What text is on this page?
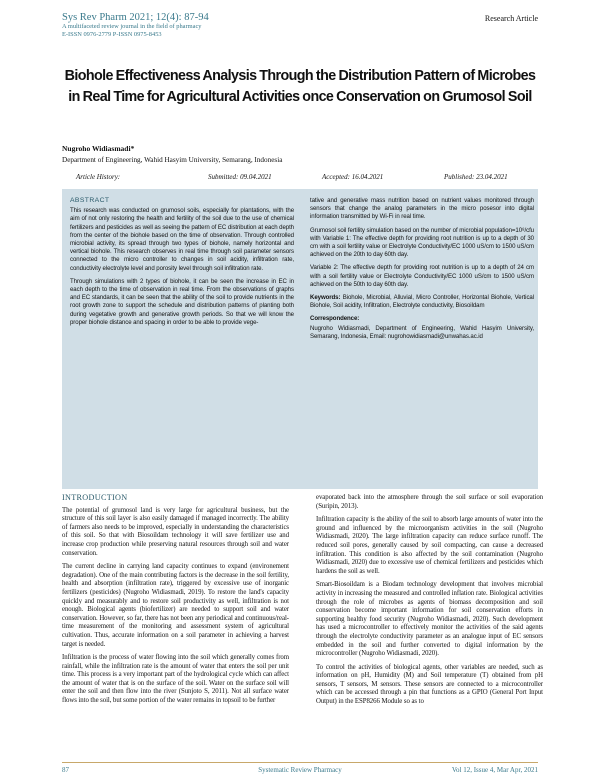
Sys Rev Pharm 2021; 12(4): 87-94
A multifaceted review journal in the field of pharmacy
E-ISSN 0976-2779 P-ISSN 0975-8453
Research Article
Biohole Effectiveness Analysis Through the Distribution Pattern of Microbes in Real Time for Agricultural Activities once Conservation on Grumosol Soil
Nugroho Widiasmadi*
Department of Engineering, Wahid Hasyim University, Semarang, Indonesia
Article History:	Submitted: 09.04.2021	Accepted: 16.04.2021	Published: 23.04.2021
ABSTRACT

This research was conducted on grumosol soils, especially for plantations, with the aim of not only restoring the health and fertility of the soil due to the use of chemical fertilizers and pesticides as well as seeing the pattern of EC distribution at each depth from the center of the biohole based on the time of observation. Through controlled microbial activity, its spread through two types of biohole, namely horizontal and vertical biohole. This research observes in real time through soil parameter sensors connected to the micro controller to changes in soil acidity, infiltration rate, conductivity electrolyte level and porosity level through soil infiltration rate.

Through simulations with 2 types of biohole, it can be seen the increase in EC in each depth to the time of observation in real time. From the observations of graphs and EC standards, it can be seen that the ability of the soil to provide nutrients in the root growth zone to support the schedule and distribution patterns of planting both during vegetative growth and generative growth periods. So that we will know the proper biohole distance and spacing in order to be able to provide vege-

tative and generative mass nutrition based on nutrient values monitored through sensors that change the analog parameters in the micro posesor into digital information transmitted by Wi-Fi in real time.

Grumosol soil fertility simulation based on the number of microbial population=10⁸/cfu with Variable 1: The effective depth for providing root nutrition is up to a depth of 30 cm with a soil fertility value or Electrolyte Conductivity/EC 1000 uS/cm to 1500 uS/cm achieved on the 20th to day 60th day.

Variable 2: The effective depth for providing root nutrition is up to a depth of 24 cm with a soil fertility value or Electrolyte Conductivity/EC 1000 uS/cm to 1500 uS/cm achieved on the 50th to day 60th day.

Keywords: Biohole, Microbial, Alluvial, Micro Controller, Horizontal Biohole, Vertical Biohole, Soil acidity, Infiltration, Electrolyte conductivity, Biosoildam

Correspondence:

Nugroho Widiasmadi, Department of Engineering, Wahid Hasyim University, Semarang, Indonesia, Email: nugrohowidiasmadi@unwahas.ac.id

INTRODUCTION

The potential of grumosol land is very large for agricultural business, but the structure of this soil layer is also easily damaged if managed incorrectly. The ability of farmers also needs to be improved, especially in understanding the characteristics of this soil. So that with Biosoildam technology it will save fertilizer use and increase crop production while preserving natural resources through soil and water conservation.

The current decline in carrying land capacity continues to expand (environement degradation). One of the main contributing factors is the decrease in the soil fertility, health and absorption (infiltration rate), triggered by excessive use of inorganic fertilizers (pesticides) (Nugroho Widiasmadi, 2019). To restore the land's capacity quickly and measurably and to restore soil productivity as well, infiltration is not enough. Biological agents (biofertilizer) are needed to support soil and water conservation. However, so far, there has not been any periodical and continuous/real-time measurement of the monitoring and assessment system of agricultural cultivation. Thus, accurate information on a soil parameter in achieving a harvest target is needed.

Infiltration is the process of water flowing into the soil which generally comes from rainfall, while the infiltration rate is the amount of water that enters the soil per unit time. This process is a very important part of the hydrological cycle which can affect the amount of water that is on the surface of the soil. Water on the surface soil will enter the soil and then flow into the river (Sunjoto S, 2011). Not all surface water flows into the soil, but some portion of the water remains in topsoil to be further

evaporated back into the atmosphere through the soil surface or soil evaporation (Suripin, 2013).

Infiltration capacity is the ability of the soil to absorb large amounts of water into the ground and influenced by the microorganism activities in the soil (Nugroho Widiasmadi, 2020). The large infiltration capacity can reduce surface runoff. The reduced soil pores, generally caused by soil compacting, can cause a decreased infiltration. This condition is also affected by the soil contamination (Nugroho Widiasmadi, 2020) due to excessive use of chemical fertilizers and pesticides which hardens the soil as well.

Smart-Biosoildam is a Biodam technology development that involves microbial activity in increasing the measured and controlled inflation rate. Biological activities through the role of microbes as agents of biomass decomposition and soil conservation become important information for soil conservation efforts in supporting healthy food security (Nugroho Widiasmadi, 2020). Such development has used a microcontroller to effectively monitor the activities of the said agents through the electrolyte conductivity parameter as an analogue input of EC sensors embedded in the soil and further converted to digital information by the microcontroller (Nugroho Widiasmadi, 2020).

To control the activities of biological agents, other variables are needed, such as information on pH, Humidity (M) and Soil temperature (T) obtained from pH sensors, T sensors, M sensors. These sensors are connected to a microcontroller which can be accessed through a pin that functions as a GPIO (General Port Input Output) in the ESP8266 Module so as to

87	Systematic Review Pharmacy	Vol 12, Issue 4, Mar Apr, 2021
